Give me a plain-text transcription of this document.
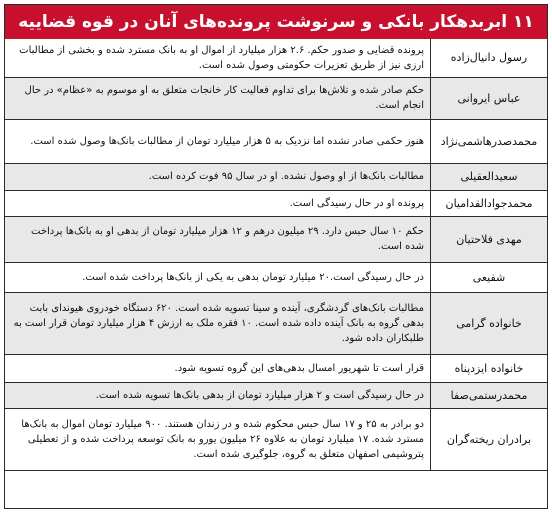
۱۱ ابربدهکار بانکی و سرنوشت پرونده‌های آنان در قوه قضاییه
رسول دانیال‌زاده	پرونده قضایی و صدور حکم. ۲.۶ هزار میلیارد از اموال او به بانک مسترد شده و بخشی از مطالبات ارزی نیز از طریق تعزیرات حکومتی وصول شده است.
عباس ایروانی	حکم صادر شده و تلاش‌ها برای تداوم فعالیت کار خانجات متعلق به او موسوم به «عظام» در حال انجام است.
محمدصدرهاشمی‌نژاد	هنوز حکمی صادر نشده اما نزدیک به ۵ هزار میلیارد تومان از مطالبات بانک‌ها وصول شده است.
سعیدالعقیلی	مطالبات بانک‌ها از او وصول نشده. او در سال ۹۵ فوت کرده است.
محمدجوادالقدامیان	پرونده او در حال رسیدگی است.
مهدی فلاحتیان	حکم ۱۰ سال حبس دارد. ۲۹ میلیون درهم و ۱۲ هزار میلیارد تومان از بدهی او به بانک‌ها پرداخت شده است.
شفیعی	در حال رسیدگی است.۲۰ میلیارد تومان بدهی به یکی از بانک‌ها پرداخت شده است.
خانواده گرامی	مطالبات بانک‌های گردشگری، آینده و سینا تسویه شده است. ۶۲۰ دستگاه خودروی هیوندای بابت بدهی گروه به بانک آینده داده شده است. ۱۰ فقره ملک به ارزش ۴ هزار میلیارد تومان قرار است به طلبکاران داده شود.
خانواده ایزدپناه	قرار است تا شهریور امسال بدهی‌های این گروه تسویه شود.
محمدرستمی‌صفا	در حال رسیدگی است و ۲ هزار میلیارد تومان از بدهی بانک‌ها تسویه شده است.
برادران ریخته‌گران	دو برادر به ۲۵ و ۱۷ سال حبس محکوم شده و در زندان هستند. ۹۰۰ میلیارد تومان اموال به بانک‌ها مسترد شده. ۱۷ میلیارد تومان به علاوه ۲۶ میلیون یورو به بانک توسعه پرداخت شده و از تعطیلی پتروشیمی اصفهان متعلق به گروه، جلوگیری شده است.
